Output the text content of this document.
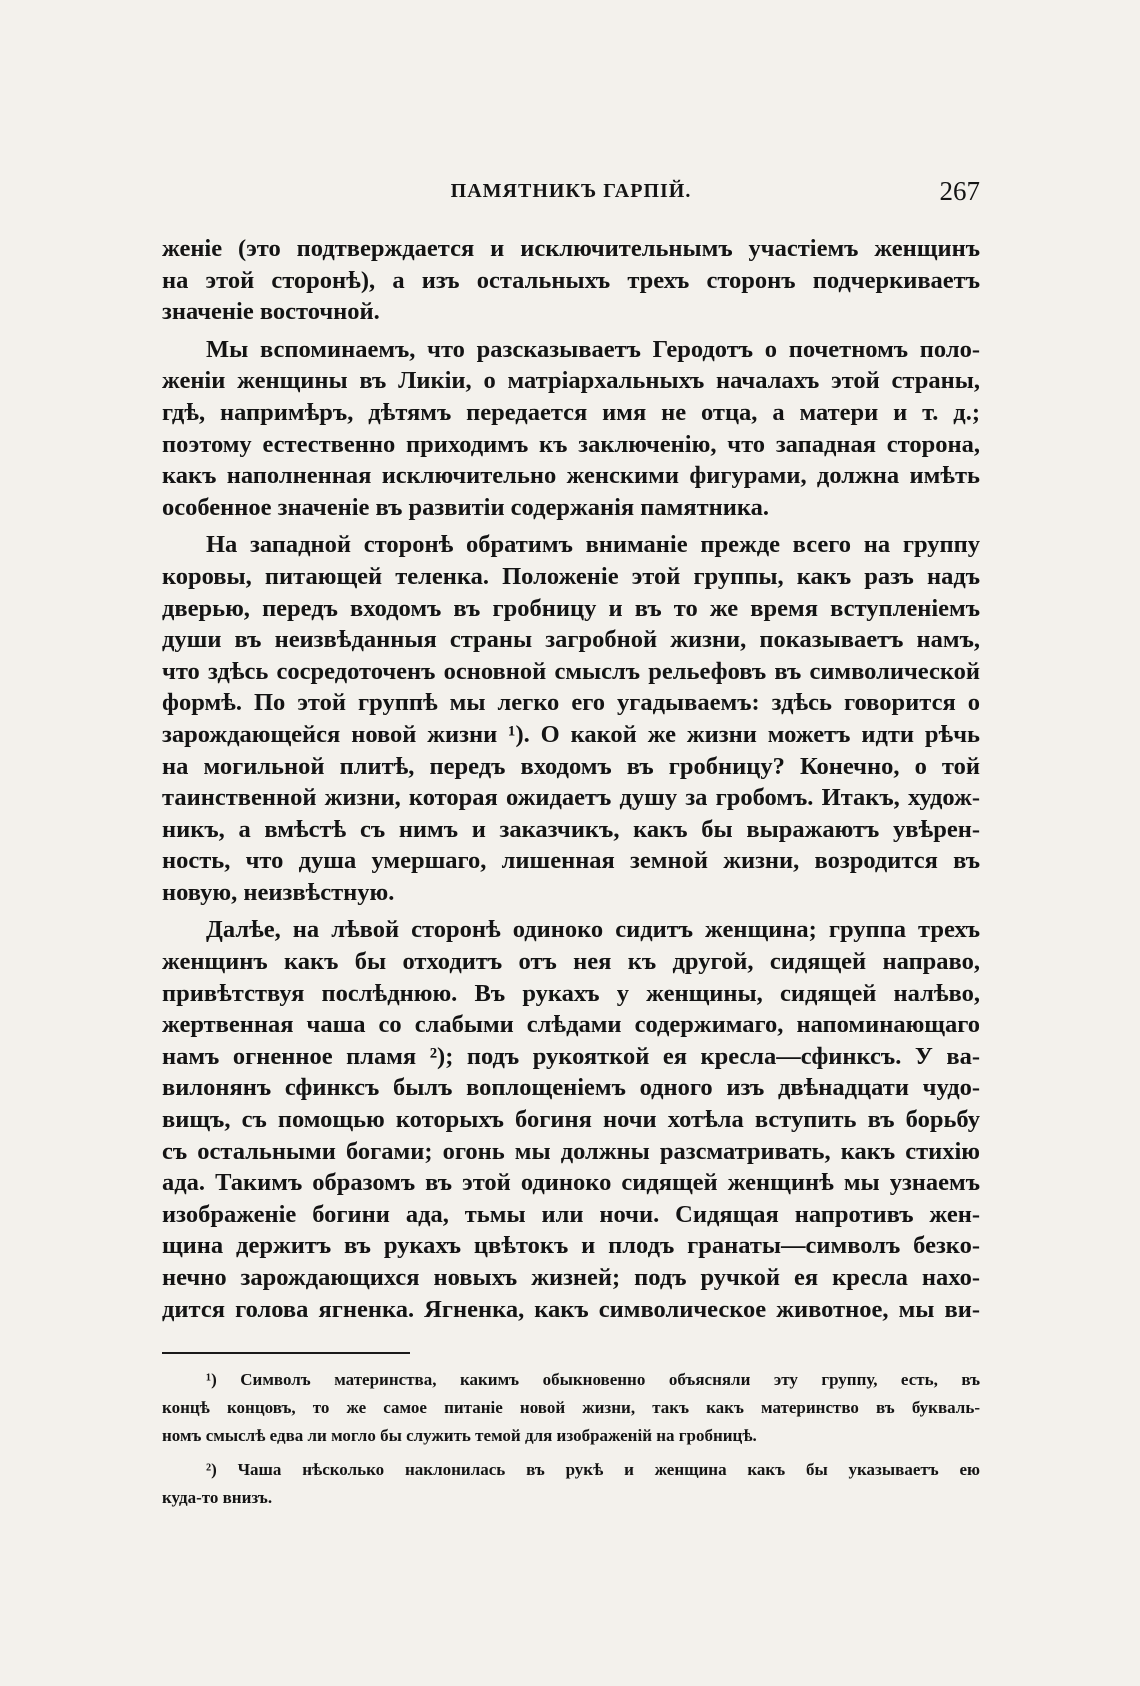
ПАМЯТНИКЪ ГАРПІЙ.	267
женіе (это подтверждается и исключительнымъ участіемъ женщинъ
на этой сторонѣ), а изъ остальныхъ трехъ сторонъ подчеркиваетъ
значеніе восточной.
Мы вспоминаемъ, что разсказываетъ Геродотъ о почетномъ поло-
женіи женщины въ Ликіи, о матріархальныхъ началахъ этой страны,
гдѣ, напримѣръ, дѣтямъ передается имя не отца, а матери и т. д.;
поэтому естественно приходимъ къ заключенію, что западная сторона,
какъ наполненная исключительно женскими фигурами, должна имѣть
особенное значеніе въ развитіи содержанія памятника.
На западной сторонѣ обратимъ вниманіе прежде всего на группу
коровы, питающей теленка. Положеніе этой группы, какъ разъ надъ
дверью, передъ входомъ въ гробницу и въ то же время вступленіемъ
души въ неизвѣданныя страны загробной жизни, показываетъ намъ,
что здѣсь сосредоточенъ основной смыслъ рельефовъ въ символической
формѣ. По этой группѣ мы легко его угадываемъ: здѣсь говорится о
зарождающейся новой жизни ¹). О какой же жизни можетъ идти рѣчь
на могильной плитѣ, передъ входомъ въ гробницу? Конечно, о той
таинственной жизни, которая ожидаетъ душу за гробомъ. Итакъ, худож-
никъ, а вмѣстѣ съ нимъ и заказчикъ, какъ бы выражаютъ увѣрен-
ность, что душа умершаго, лишенная земной жизни, возродится въ
новую, неизвѣстную.
Далѣе, на лѣвой сторонѣ одиноко сидитъ женщина; группа трехъ
женщинъ какъ бы отходитъ отъ нея къ другой, сидящей направо,
привѣтствуя послѣднюю. Въ рукахъ у женщины, сидящей налѣво,
жертвенная чаша со слабыми слѣдами содержимаго, напоминающаго
намъ огненное пламя ²); подъ рукояткой ея кресла—сфинксъ. У ва-
вилонянъ сфинксъ былъ воплощеніемъ одного изъ двѣнадцати чудо-
вищъ, съ помощью которыхъ богиня ночи хотѣла вступить въ борьбу
съ остальными богами; огонь мы должны разсматривать, какъ стихію
ада. Такимъ образомъ въ этой одиноко сидящей женщинѣ мы узнаемъ
изображеніе богини ада, тьмы или ночи. Сидящая напротивъ жен-
щина держитъ въ рукахъ цвѣтокъ и плодъ гранаты—символъ безко-
нечно зарождающихся новыхъ жизней; подъ ручкой ея кресла нахо-
дится голова ягненка. Ягненка, какъ символическое животное, мы ви-
¹) Символъ материнства, какимъ обыкновенно объясняли эту группу, есть, въ
концѣ концовъ, то же самое питаніе новой жизни, такъ какъ материнство въ букваль-
номъ смыслѣ едва ли могло бы служить темой для изображеній на гробницѣ.
²) Чаша нѣсколько наклонилась въ рукѣ и женщина какъ бы указываетъ ею
куда-то внизъ.
